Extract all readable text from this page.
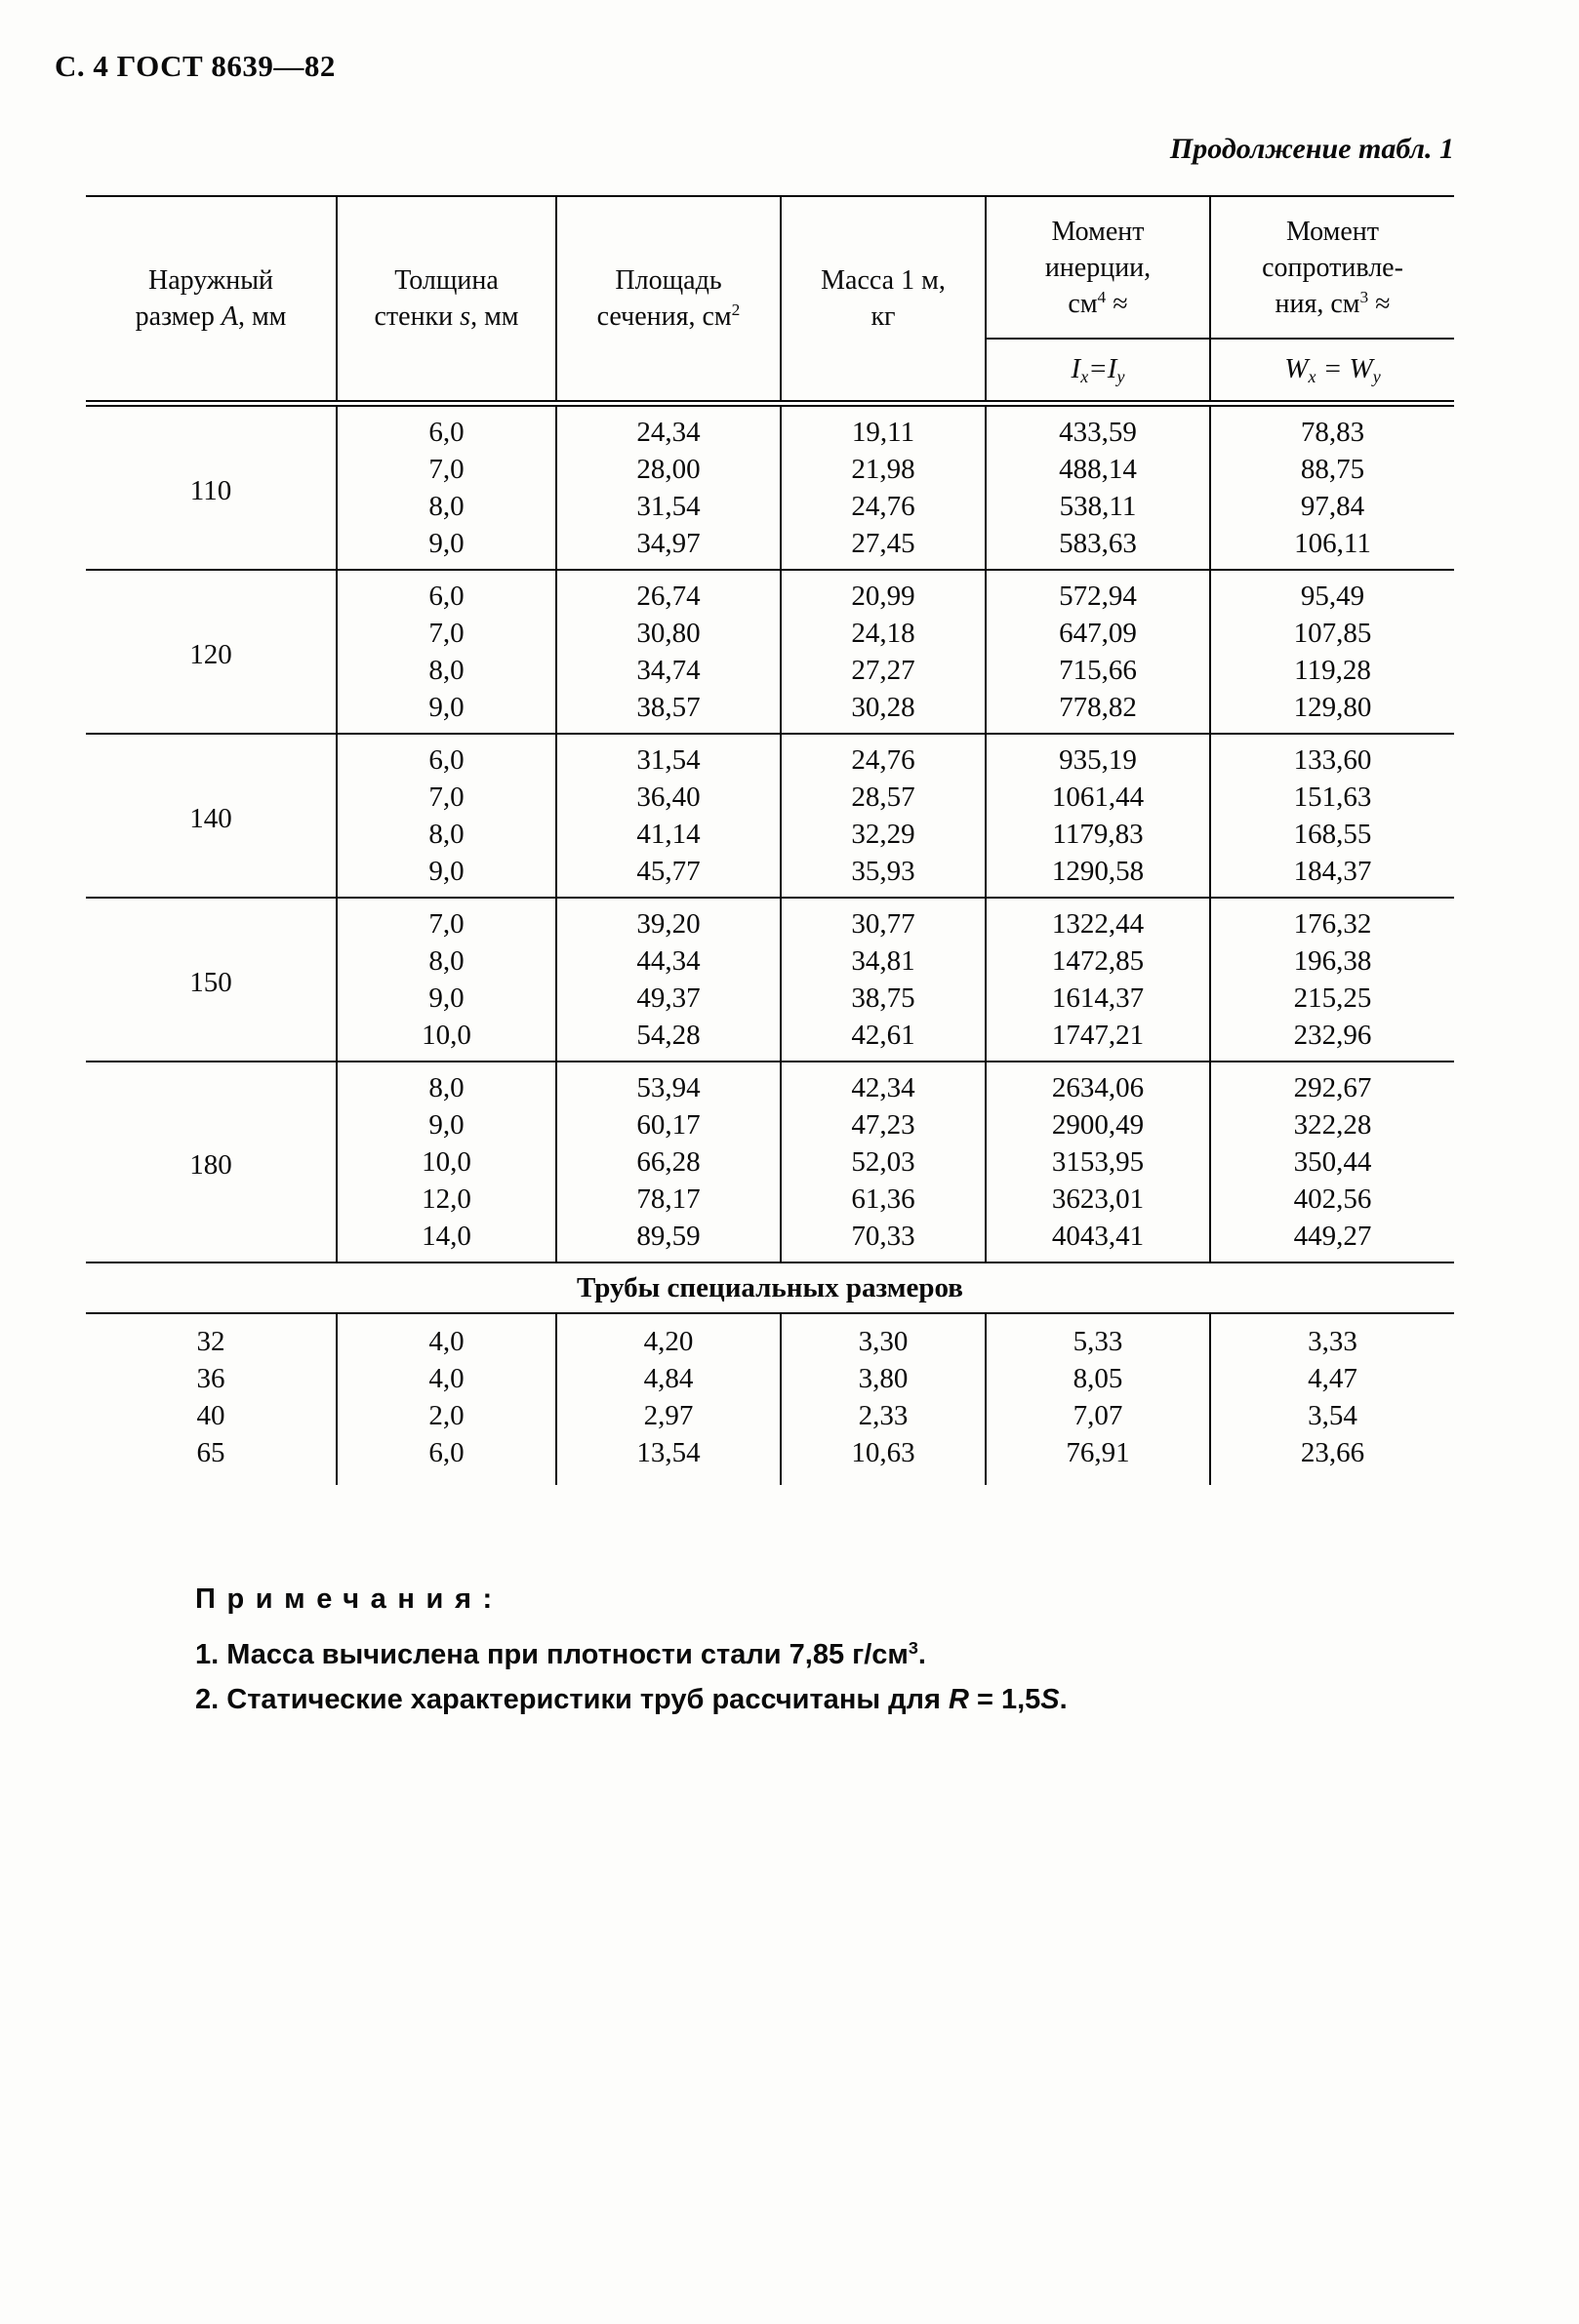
С. 4 ГОСТ 8639—82
Продолжение табл. 1
Наружный
размер А, мм

Толщина
стенки s, мм

Площадь
сечения, $см^2$

Масса 1 м,
кг

Момент
инерции,
$см^4$ ≈

Момент
сопротивле-
ния, $см^3$ ≈

				$I_x=I_y$	$W_x = W_y$
110	6,0	24,34	19,11	433,59	78,83
	7,0	28,00	21,98	488,14	88,75
	8,0	31,54	24,76	538,11	97,84
	9,0	34,97	27,45	583,63	106,11
120	6,0	26,74	20,99	572,94	95,49
	7,0	30,80	24,18	647,09	107,85
	8,0	34,74	27,27	715,66	119,28
	9,0	38,57	30,28	778,82	129,80
140	6,0	31,54	24,76	935,19	133,60
	7,0	36,40	28,57	1061,44	151,63
	8,0	41,14	32,29	1179,83	168,55
	9,0	45,77	35,93	1290,58	184,37
150	7,0	39,20	30,77	1322,44	176,32
	8,0	44,34	34,81	1472,85	196,38
	9,0	49,37	38,75	1614,37	215,25
	10,0	54,28	42,61	1747,21	232,96
180	8,0	53,94	42,34	2634,06	292,67
	9,0	60,17	47,23	2900,49	322,28
	10,0	66,28	52,03	3153,95	350,44
	12,0	78,17	61,36	3623,01	402,56
	14,0	89,59	70,33	4043,41	449,27
Трубы специальных размеров					
32	4,0	4,20	3,30	5,33	3,33
36	4,0	4,84	3,80	8,05	4,47
40	2,0	2,97	2,33	7,07	3,54
65	6,0	13,54	10,63	76,91	23,66
Примечания:
1. Масса вычислена при плотности стали 7,85 $г/см^3$.
2. Статические характеристики труб рассчитаны для R = 1,5S.
